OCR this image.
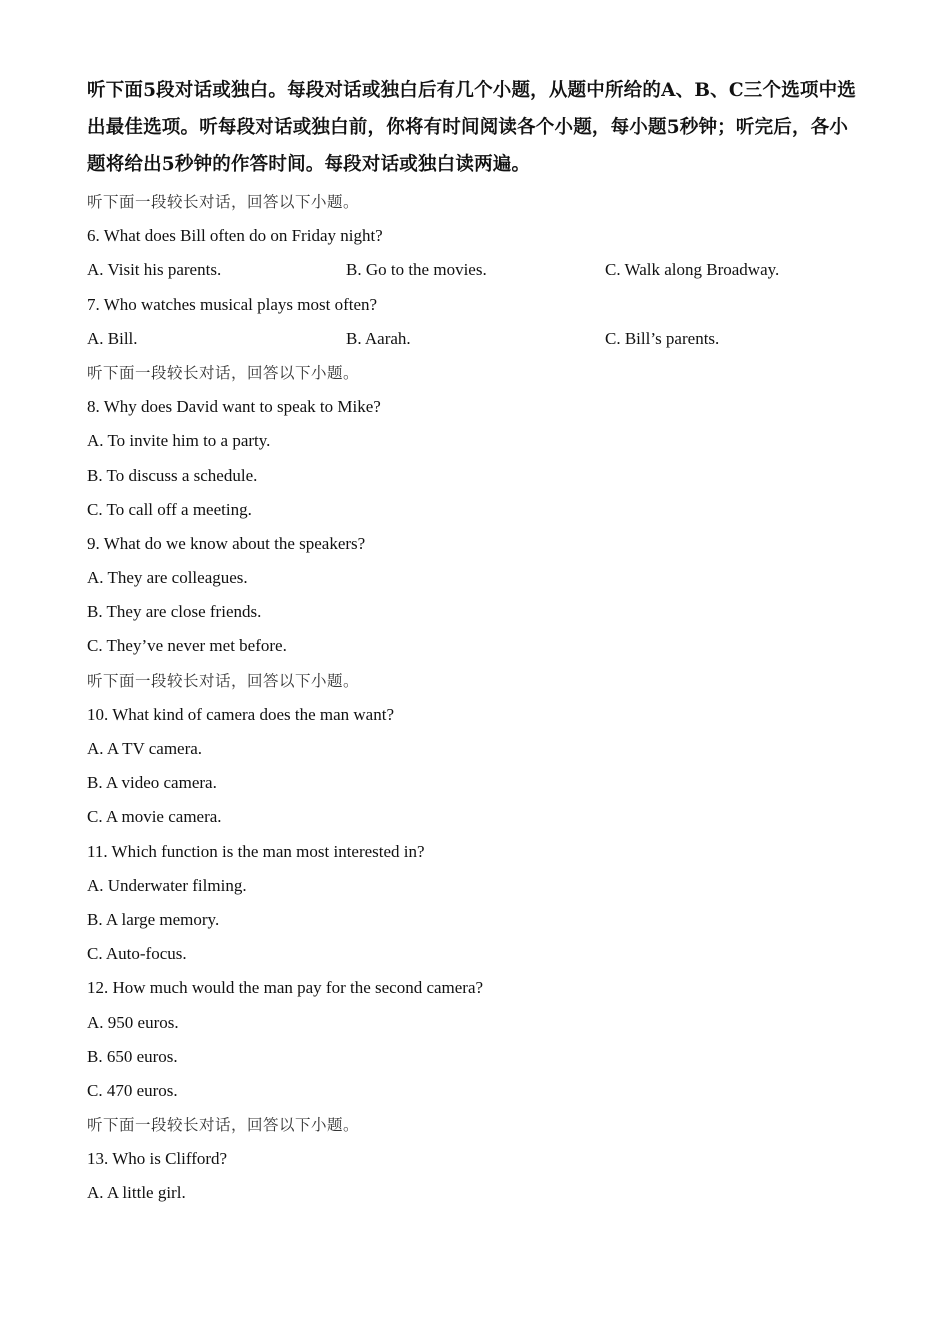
听下面5段对话或独白。每段对话或独白后有几个小题，从题中所给的A、B、C三个选项中选出最佳选项。听每段对话或独白前，你将有时间阅读各个小题，每小题5秒钟；听完后，各小题将给出5秒钟的作答时间。每段对话或独白读两遍。

听下面一段较长对话，回答以下小题。
6. What does Bill often do on Friday night?
A. Visit his parents.	B. Go to the movies.	C. Walk along Broadway.
7. Who watches musical plays most often?
A. Bill.	B. Aarah.	C. Bill’s parents.
听下面一段较长对话，回答以下小题。
8. Why does David want to speak to Mike?
A. To invite him to a party.
B. To discuss a schedule.
C. To call off a meeting.
9. What do we know about the speakers?
A. They are colleagues.
B. They are close friends.
C. They’ve never met before.
听下面一段较长对话，回答以下小题。
10. What kind of camera does the man want?
A. A TV camera.
B. A video camera.
C. A movie camera.
11. Which function is the man most interested in?
A. Underwater filming.
B. A large memory.
C. Auto-focus.
12. How much would the man pay for the second camera?
A. 950 euros.
B. 650 euros.
C. 470 euros.
听下面一段较长对话，回答以下小题。
13. Who is Clifford?
A. A little girl.
